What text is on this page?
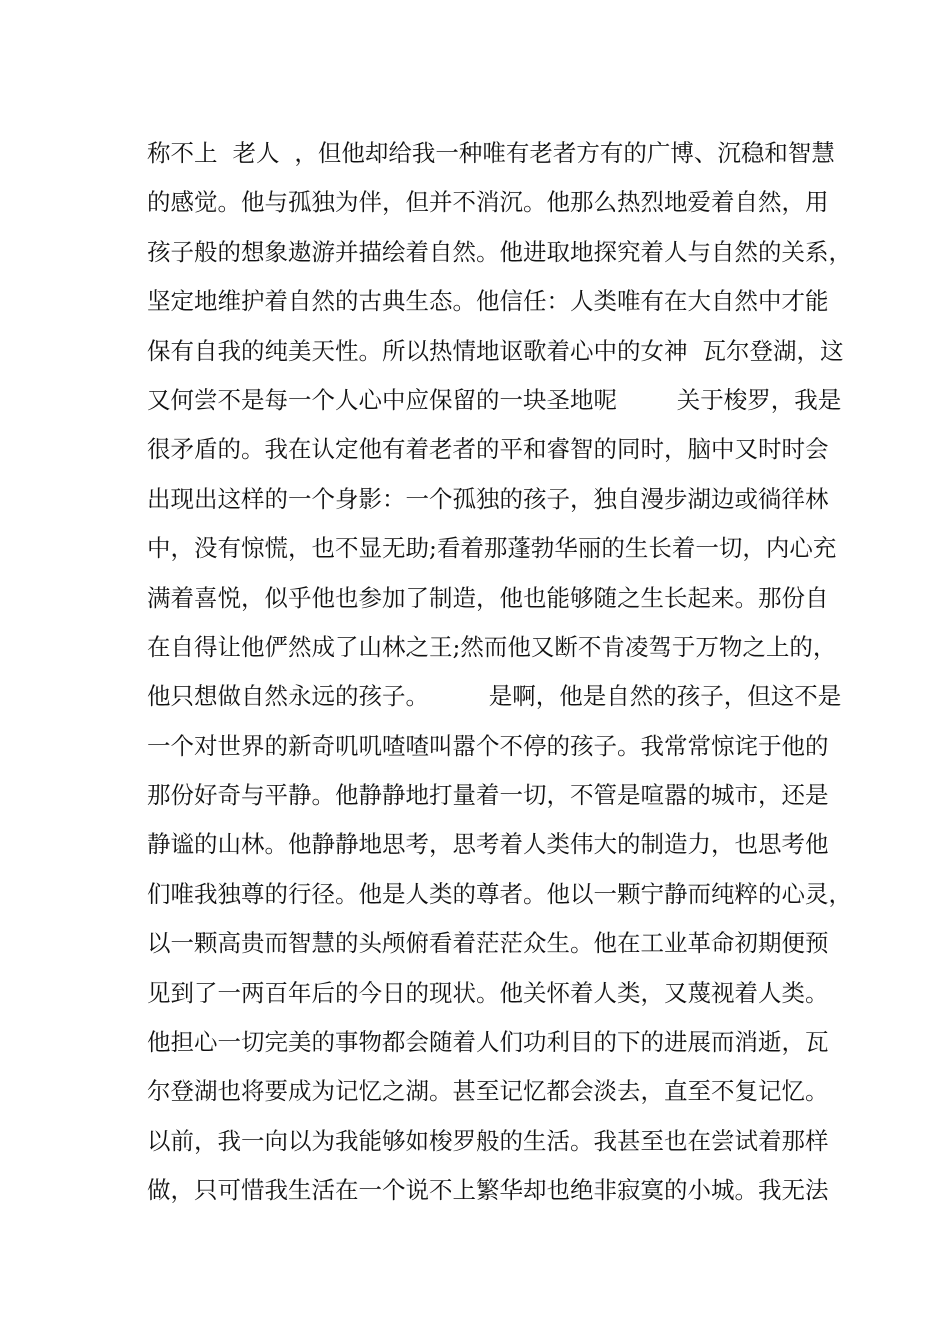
称不上  老人  ，但他却给我一种唯有老者方有的广博、沉稳和智慧
的感觉。他与孤独为伴，但并不消沉。他那么热烈地爱着自然，用
孩子般的想象遨游并描绘着自然。他进取地探究着人与自然的关系，
坚定地维护着自然的古典生态。他信任：人类唯有在大自然中才能
保有自我的纯美天性。所以热情地讴歌着心中的女神  瓦尔登湖，这
又何尝不是每一个人心中应保留的一块圣地呢        关于梭罗，我是
很矛盾的。我在认定他有着老者的平和睿智的同时，脑中又时时会
出现出这样的一个身影：一个孤独的孩子，独自漫步湖边或徜徉林
中，没有惊慌，也不显无助;看着那蓬勃华丽的生长着一切，内心充
满着喜悦，似乎他也参加了制造，他也能够随之生长起来。那份自
在自得让他俨然成了山林之王;然而他又断不肯凌驾于万物之上的，
他只想做自然永远的孩子。        是啊，他是自然的孩子，但这不是
一个对世界的新奇叽叽喳喳叫嚣个不停的孩子。我常常惊诧于他的
那份好奇与平静。他静静地打量着一切，不管是喧嚣的城市，还是
静谧的山林。他静静地思考，思考着人类伟大的制造力，也思考他
们唯我独尊的行径。他是人类的尊者。他以一颗宁静而纯粹的心灵，
以一颗高贵而智慧的头颅俯看着茫茫众生。他在工业革命初期便预
见到了一两百年后的今日的现状。他关怀着人类，又蔑视着人类。
他担心一切完美的事物都会随着人们功利目的下的进展而消逝，瓦
尔登湖也将要成为记忆之湖。甚至记忆都会淡去，直至不复记忆。
以前，我一向以为我能够如梭罗般的生活。我甚至也在尝试着那样
做，只可惜我生活在一个说不上繁华却也绝非寂寞的小城。我无法
